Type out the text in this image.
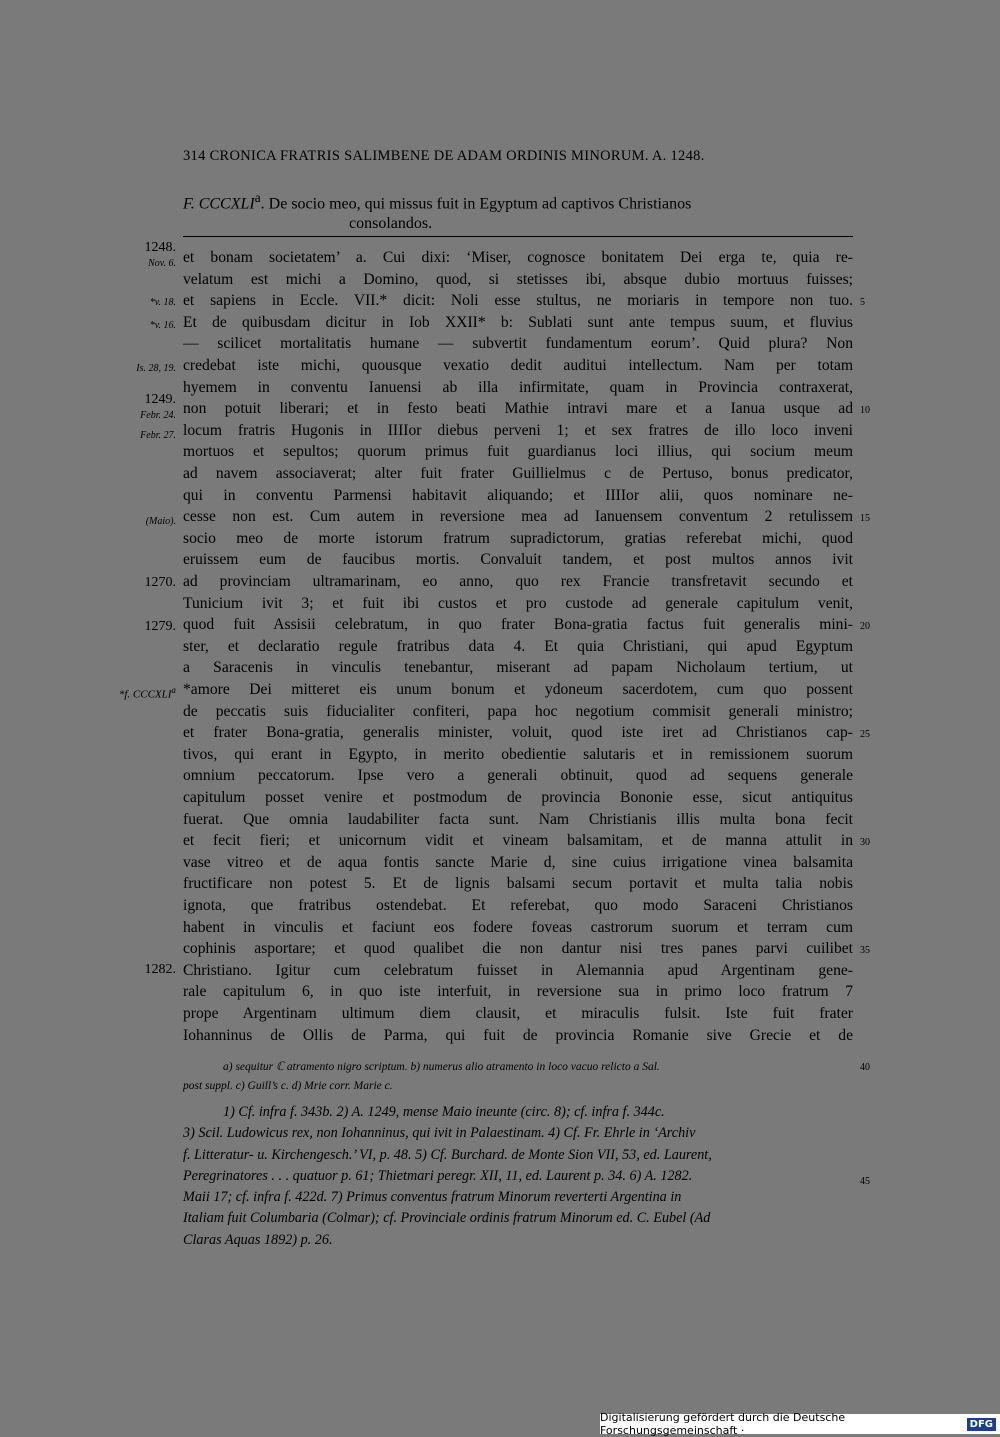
314 CRONICA FRATRIS SALIMBENE DE ADAM ORDINIS MINORUM. A. 1248.
F. CCCXLI$^a$. De socio meo, qui missus fuit in Egyptum ad captivos Christianos
consolandos.
1248.
Nov. 6.
*v. 18.
*v. 16.
Is. 28, 19.
1249.
Febr. 24.
Febr. 27.
(Maio).
1270.
1279.
*f. CCCXLI$^a$
1282.
5
10
15
20
25
30
35
40
45
et bonam societatem’ a. Cui dixi: ‘Miser, cognosce bonitatem Dei erga te, quia re-
velatum est michi a Domino, quod, si stetisses ibi, absque dubio mortuus fuisses;
et sapiens in Eccle. VII.* dicit: Noli esse stultus, ne moriaris in tempore non tuo.
Et de quibusdam dicitur in Iob XXII* b: Sublati sunt ante tempus suum, et fluvius
— scilicet mortalitatis humane — subvertit fundamentum eorum’. Quid plura? Non
credebat iste michi, quousque vexatio dedit auditui intellectum. Nam per totam
hyemem in conventu Ianuensi ab illa infirmitate, quam in Provincia contraxerat,
non potuit liberari; et in festo beati Mathie intravi mare et a Ianua usque ad
locum fratris Hugonis in IIIIor diebus perveni 1; et sex fratres de illo loco inveni
mortuos et sepultos; quorum primus fuit guardianus loci illius, qui socium meum
ad navem associaverat; alter fuit frater Guillielmus c de Pertuso, bonus predicator,
qui in conventu Parmensi habitavit aliquando; et IIIIor alii, quos nominare ne-
cesse non est. Cum autem in reversione mea ad Ianuensem conventum 2 retulissem
socio meo de morte istorum fratrum supradictorum, gratias referebat michi, quod
eruissem eum de faucibus mortis. Convaluit tandem, et post multos annos ivit
ad provinciam ultramarinam, eo anno, quo rex Francie transfretavit secundo et
Tunicium ivit 3; et fuit ibi custos et pro custode ad generale capitulum venit,
quod fuit Assisii celebratum, in quo frater Bona-gratia factus fuit generalis mini-
ster, et declaratio regule fratribus data 4. Et quia Christiani, qui apud Egyptum
a Saracenis in vinculis tenebantur, miserant ad papam Nicholaum tertium, ut
*amore Dei mitteret eis unum bonum et ydoneum sacerdotem, cum quo possent
de peccatis suis fiducialiter confiteri, papa hoc negotium commisit generali ministro;
et frater Bona-gratia, generalis minister, voluit, quod iste iret ad Christianos cap-
tivos, qui erant in Egypto, in merito obedientie salutaris et in remissionem suorum
omnium peccatorum. Ipse vero a generali obtinuit, quod ad sequens generale
capitulum posset venire et postmodum de provincia Bononie esse, sicut antiquitus
fuerat. Que omnia laudabiliter facta sunt. Nam Christianis illis multa bona fecit
et fecit fieri; et unicornum vidit et vineam balsamitam, et de manna attulit in
vase vitreo et de aqua fontis sancte Marie d, sine cuius irrigatione vinea balsamita
fructificare non potest 5. Et de lignis balsami secum portavit et multa talia nobis
ignota, que fratribus ostendebat. Et referebat, quo modo Saraceni Christianos
habent in vinculis et faciunt eos fodere foveas castrorum suorum et terram cum
cophinis asportare; et quod qualibet die non dantur nisi tres panes parvi cuilibet
Christiano. Igitur cum celebratum fuisset in Alemannia apud Argentinam gene-
rale capitulum 6, in quo iste interfuit, in reversione sua in primo loco fratrum 7
prope Argentinam ultimum diem clausit, et miraculis fulsit. Iste fuit frater
Iohanninus de Ollis de Parma, qui fuit de provincia Romanie sive Grecie et de
a) sequitur ℂ atramento nigro scriptum. b) numerus alio atramento in loco vacuo relicto a Sal.
post suppl. c) Guill’s c. d) Mrie corr. Marie c.

1) Cf. infra f. 343b. 2) A. 1249, mense Maio ineunte (circ. 8); cf. infra f. 344c.

3) Scil. Ludowicus rex, non Iohanninus, qui ivit in Palaestinam. 4) Cf. Fr. Ehrle in ‘Archiv

f. Litteratur- u. Kirchengesch.’ VI, p. 48. 5) Cf. Burchard. de Monte Sion VII, 53, ed. Laurent,

Peregrinatores . . . quatuor p. 61; Thietmari peregr. XII, 11, ed. Laurent p. 34. 6) A. 1282.

Maii 17; cf. infra f. 422d. 7) Primus conventus fratrum Minorum reverterti Argentina in

Italiam fuit Columbaria (Colmar); cf. Provinciale ordinis fratrum Minorum ed. C. Eubel (Ad

Claras Aquas 1892) p. 26.

Digitalisierung gefördert durch die Deutsche Forschungsgemeinschaft ·	DFG
